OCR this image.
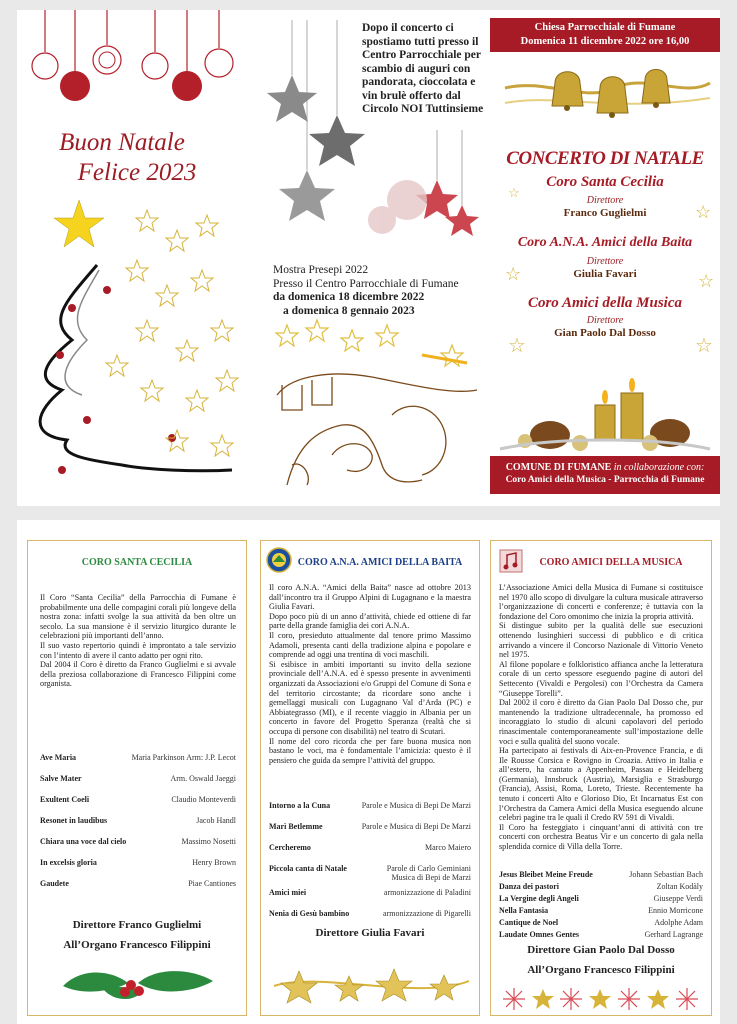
Buon Natale
Felice 2023
Dopo il concerto ci
spostiamo tutti presso il
Centro Parrocchiale per
scambio di auguri con
pandorata, cioccolata e
vin brulè offerto dal
Circolo NOI Tuttinsieme
Mostra Presepi 2022
Presso il Centro Parrocchiale di Fumane
da domenica 18 dicembre 2022
a domenica 8 gennaio 2023
Chiesa Parrocchiale di Fumane
Domenica 11 dicembre 2022 ore 16,00
CONCERTO DI NATALE
☆
☆
Coro Santa Cecilia
Direttore
Franco Guglielmi
Coro A.N.A. Amici della Baita
Direttore
Giulia Favari
☆	☆
Coro Amici della Musica
Direttore
Gian Paolo Dal Dosso
☆	☆
COMUNE DI FUMANE in collaborazione con:
Coro Amici della Musica - Parrocchia di Fumane
CORO SANTA CECILIA

Il Coro “Santa Cecilia” della Parrocchia di Fumane è probabilmente una delle compagini corali più longeve della nostra zona: infatti svolge la sua attività da ben oltre un secolo. La sua mansione è il servizio liturgico durante le celebrazioni più importanti dell’anno.

Il suo vasto repertorio quindi è improntato a tale servizio con l’intento di avere il canto adatto per ogni rito.

Dal 2004 il Coro è diretto da Franco Guglielmi e si avvale della preziosa collaborazione di Francesco Filippini come organista.

Ave Maria	Maria Parkinson Arm: J.P. Lecot
Salve Mater	Arm. Oswald Jaeggi
Exultent Coeli	Claudio Monteverdi
Resonet in laudibus	Jacob Handl
Chiara una voce dal cielo	Massimo Nosetti
In excelsis gloria	Henry Brown
Gaudete	Piae Cantiones
Direttore Franco Guglielmi
All’Organo Francesco Filippini
CORO A.N.A. AMICI DELLA BAITA

Il coro A.N.A. “Amici della Baita” nasce ad ottobre 2013 dall’incontro tra il Gruppo Alpini di Lugagnano e la maestra Giulia Favari.

Dopo poco più di un anno d’attività, chiede ed ottiene di far parte della grande famiglia dei cori A.N.A.

Il coro, presieduto attualmente dal tenore primo Massimo Adamoli, presenta canti della tradizione alpina e popolare e comprende ad oggi una trentina di voci maschili.

Si esibisce in ambiti importanti su invito della sezione provinciale dell’A.N.A. ed è spesso presente in avvenimenti organizzati da Associazioni e/o Gruppi del Comune di Sona e del territorio circostante; da ricordare sono anche i gemellaggi musicali con Lugagnano Val d’Arda (PC) e Abbiategrasso (MI), e il recente viaggio in Albania per un concerto in favore del Progetto Speranza (realtà che si occupa di persone con disabilità) nel teatro di Scutari.

Il nome del coro ricorda che per fare buona musica non bastano le voci, ma è fondamentale l’amicizia: questo è il pensiero che guida da sempre l’attività del gruppo.

Intorno a la Cuna	Parole e Musica di Bepi De Marzi
Marì Betlemme	Parole e Musica di Bepi De Marzi
Cercheremo	Marco Maiero
Piccola canta di Natale	Parole di Carlo Geminiani Musica di Bepi de Marzi
Amici miei	armonizzazione di Paladini
Nenia di Gesù bambino	armonizzazione di Pigarelli
Direttore Giulia Favari
CORO AMICI DELLA MUSICA

L’Associazione Amici della Musica di Fumane si costituisce nel 1970 allo scopo di divulgare la cultura musicale attraverso l’organizzazione di concerti e conferenze; è tuttavia con la fondazione del Coro omonimo che inizia la propria attività.

Si distingue subito per la qualità delle sue esecuzioni ottenendo lusinghieri successi di pubblico e di critica arrivando a vincere il Concorso Nazionale di Vittorio Veneto nel 1975.

Al filone popolare e folkloristico affianca anche la letteratura corale di un certo spessore eseguendo pagine di autori del Settecento (Vivaldi e Pergolesi) con l’Orchestra da Camera “Giuseppe Torelli”.

Dal 2002 il coro è diretto da Gian Paolo Dal Dosso che, pur mantenendo la tradizione ultradecennale, ha promosso ed incoraggiato lo studio di alcuni capolavori del periodo rinascimentale contemporaneamente sull’impostazione delle voci e sulla qualità del suono vocale.

Ha partecipato ai festivals di Aix-en-Provence Francia, e di Ile Rousse Corsica e Rovigno in Croazia. Attivo in Italia e all’estero, ha cantato a Appenheim, Passau e Heidelberg (Germania), Innsbruck (Austria), Marsiglia e Strasburgo (Francia), Assisi, Roma, Loreto, Trieste. Recentemente ha tenuto i concerti Alto e Glorioso Dio, Et Incarnatus Est con l’Orchestra da Camera Amici della Musica eseguendo alcune celebri pagine tra le quali il Credo RV 591 di Vivaldi.

Il Coro ha festeggiato i cinquant’anni di attività con tre concerti con orchestra Beatus Vir e un concerto di gala nella splendida cornice di Villa della Torre.

Jesus Bleibet Meine Freude	Johann Sebastian Bach
Danza dei pastori	Zoltan Kodàly
La Vergine degli Angeli	Giuseppe Verdi
Nella Fantasia	Ennio Morricone
Cantique de Noel	Adolphe Adam
Laudate Omnes Gentes	Gerhard Lagrange
Direttore Gian Paolo Dal Dosso
All’Organo Francesco Filippini
